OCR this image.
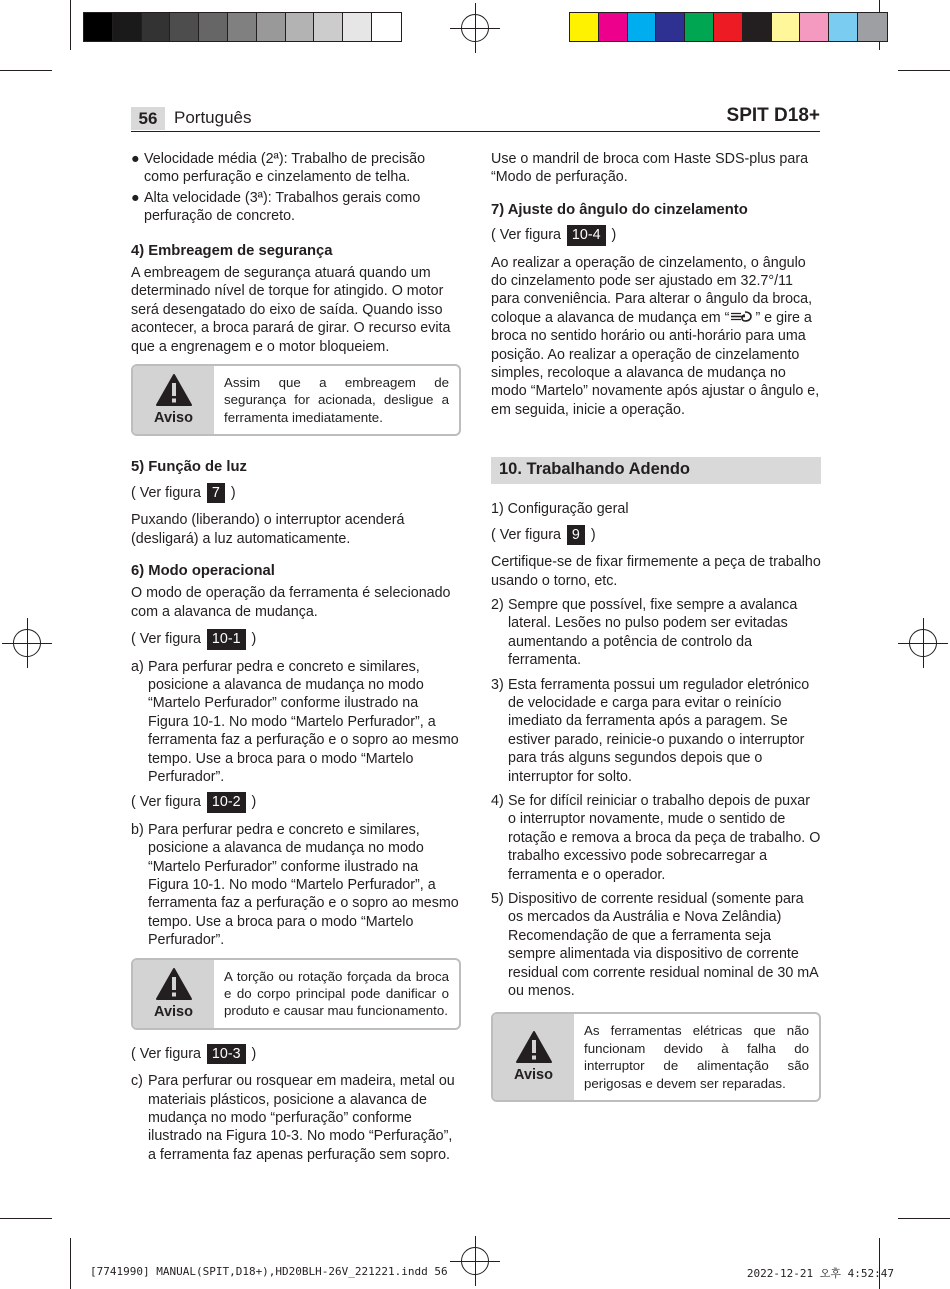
56 Português	SPIT D18+
● Velocidade média (2ª): Trabalho de precisão como perfuração e cinzelamento de telha.
● Alta velocidade (3ª): Trabalhos gerais como perfuração de concreto.
4) Embreagem de segurança

A embreagem de segurança atuará quando um determinado nível de torque for atingido. O motor será desengatado do eixo de saída. Quando isso acontecer, a broca parará de girar. O recurso evita que a engrenagem e o motor bloqueiem.

Aviso
Assim que a embreagem de segurança for acionada, desligue a ferramenta imediatamente.
5) Função de luz
( Ver figura 7 )

Puxando (liberando) o interruptor acenderá (desligará) a luz automaticamente.

6) Modo operacional

O modo de operação da ferramenta é selecionado com a alavanca de mudança.

( Ver figura 10-1 )
a) Para perfurar pedra e concreto e similares, posicione a alavanca de mudança no modo “Martelo Perfurador” conforme ilustrado na Figura 10-1. No modo “Martelo Perfurador”, a ferramenta faz a perfuração e o sopro ao mesmo tempo. Use a broca para o modo “Martelo Perfurador”.
( Ver figura 10-2 )
b) Para perfurar pedra e concreto e similares, posicione a alavanca de mudança no modo “Martelo Perfurador” conforme ilustrado na Figura 10-1. No modo “Martelo Perfurador”, a ferramenta faz a perfuração e o sopro ao mesmo tempo. Use a broca para o modo “Martelo Perfurador”.
Aviso
A torção ou rotação forçada da broca e do corpo principal pode danificar o produto e causar mau funcionamento.
( Ver figura 10-3 )
c) Para perfurar ou rosquear em madeira, metal ou materiais plásticos, posicione a alavanca de mudança no modo “perfuração” conforme ilustrado na Figura 10-3. No modo “Perfuração”, a ferramenta faz apenas perfuração sem sopro.

Use o mandril de broca com Haste SDS-plus para “Modo de perfuração.

7) Ajuste do ângulo do cinzelamento
( Ver figura 10-4 )

Ao realizar a operação de cinzelamento, o ângulo do cinzelamento pode ser ajustado em 32.7°/11 para conveniência. Para alterar o ângulo da broca, coloque a alavanca de mudança em “ ” e gire a broca no sentido horário ou anti-horário para uma posição. Ao realizar a operação de cinzelamento simples, recoloque a alavanca de mudança no modo “Martelo” novamente após ajustar o ângulo e, em seguida, inicie a operação.

10. Trabalhando Adendo

1) Configuração geral

( Ver figura 9 )

Certifique-se de fixar firmemente a peça de trabalho usando o torno, etc.

2) Sempre que possível, fixe sempre a avalanca lateral. Lesões no pulso podem ser evitadas aumentando a potência de controlo da ferramenta.
3) Esta ferramenta possui um regulador eletrónico de velocidade e carga para evitar o reinício imediato da ferramenta após a paragem. Se estiver parado, reinicie-o puxando o interruptor para trás alguns segundos depois que o interruptor for solto.
4) Se for difícil reiniciar o trabalho depois de puxar o interruptor novamente, mude o sentido de rotação e remova a broca da peça de trabalho. O trabalho excessivo pode sobrecarregar a ferramenta e o operador.
5) Dispositivo de corrente residual (somente para os mercados da Austrália e Nova Zelândia) Recomendação de que a ferramenta seja sempre alimentada via dispositivo de corrente residual com corrente residual nominal de 30 mA ou menos.
Aviso
As ferramentas elétricas que não funcionam devido à falha do interruptor de alimentação são perigosas e devem ser reparadas.
[7741990] MANUAL(SPIT,D18+),HD20BLH-26V_221221.indd 56	2022-12-21 오후 4:52:47
